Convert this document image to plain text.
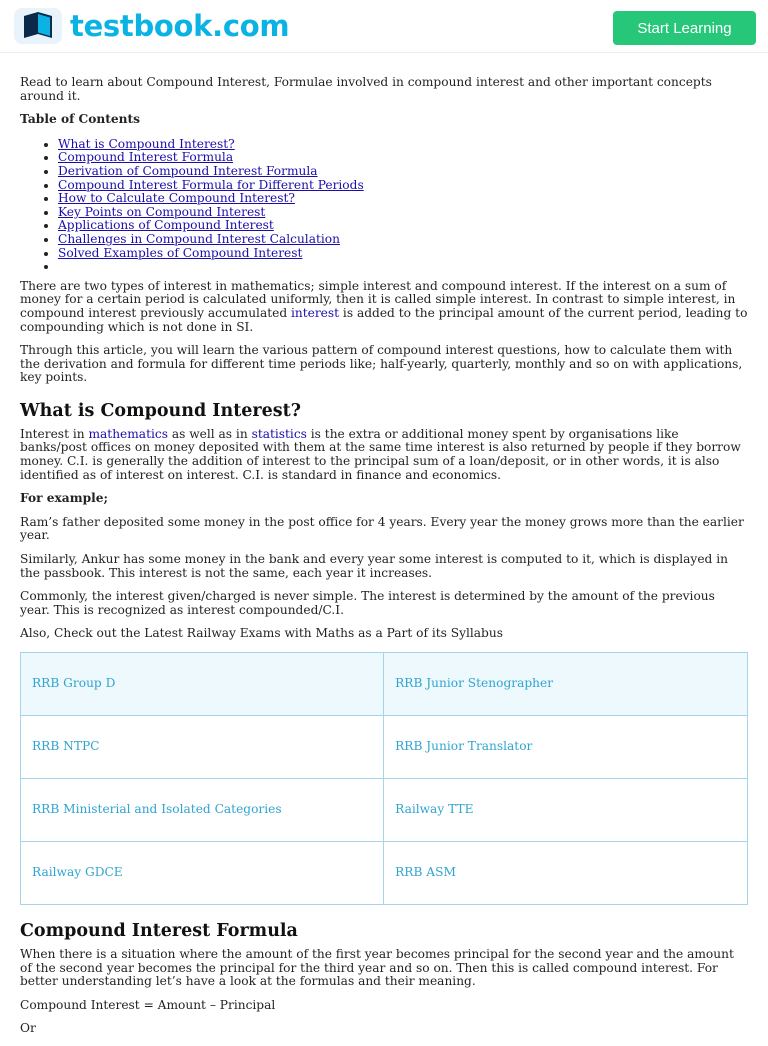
testbook.com	Start Learning

Read to learn about Compound Interest, Formulae involved in compound interest and other important concepts around it.

Table of Contents

• What is Compound Interest?
• Compound Interest Formula
• Derivation of Compound Interest Formula
• Compound Interest Formula for Different Periods
• How to Calculate Compound Interest?
• Key Points on Compound Interest
• Applications of Compound Interest
• Challenges in Compound Interest Calculation
• Solved Examples of Compound Interest
•

There are two types of interest in mathematics; simple interest and compound interest. If the interest on a sum of money for a certain period is calculated uniformly, then it is called simple interest. In contrast to simple interest, in compound interest previously accumulated interest is added to the principal amount of the current period, leading to compounding which is not done in SI.

Through this article, you will learn the various pattern of compound interest questions, how to calculate them with the derivation and formula for different time periods like; half-yearly, quarterly, monthly and so on with applications, key points.

What is Compound Interest?

Interest in mathematics as well as in statistics is the extra or additional money spent by organisations like banks/post offices on money deposited with them at the same time interest is also returned by people if they borrow money. C.I. is generally the addition of interest to the principal sum of a loan/deposit, or in other words, it is also identified as of interest on interest. C.I. is standard in finance and economics.

For example;

Ram’s father deposited some money in the post office for 4 years. Every year the money grows more than the earlier year.

Similarly, Ankur has some money in the bank and every year some interest is computed to it, which is displayed in the passbook. This interest is not the same, each year it increases.

Commonly, the interest given/charged is never simple. The interest is determined by the amount of the previous year. This is recognized as interest compounded/C.I.

Also, Check out the Latest Railway Exams with Maths as a Part of its Syllabus

RRB Group D	RRB Junior Stenographer
RRB NTPC	RRB Junior Translator
RRB Ministerial and Isolated Categories	Railway TTE
Railway GDCE	RRB ASM
Compound Interest Formula

When there is a situation where the amount of the first year becomes principal for the second year and the amount of the second year becomes the principal for the third year and so on. Then this is called compound interest. For better understanding let’s have a look at the formulas and their meaning.

Compound Interest = Amount – Principal

Or
